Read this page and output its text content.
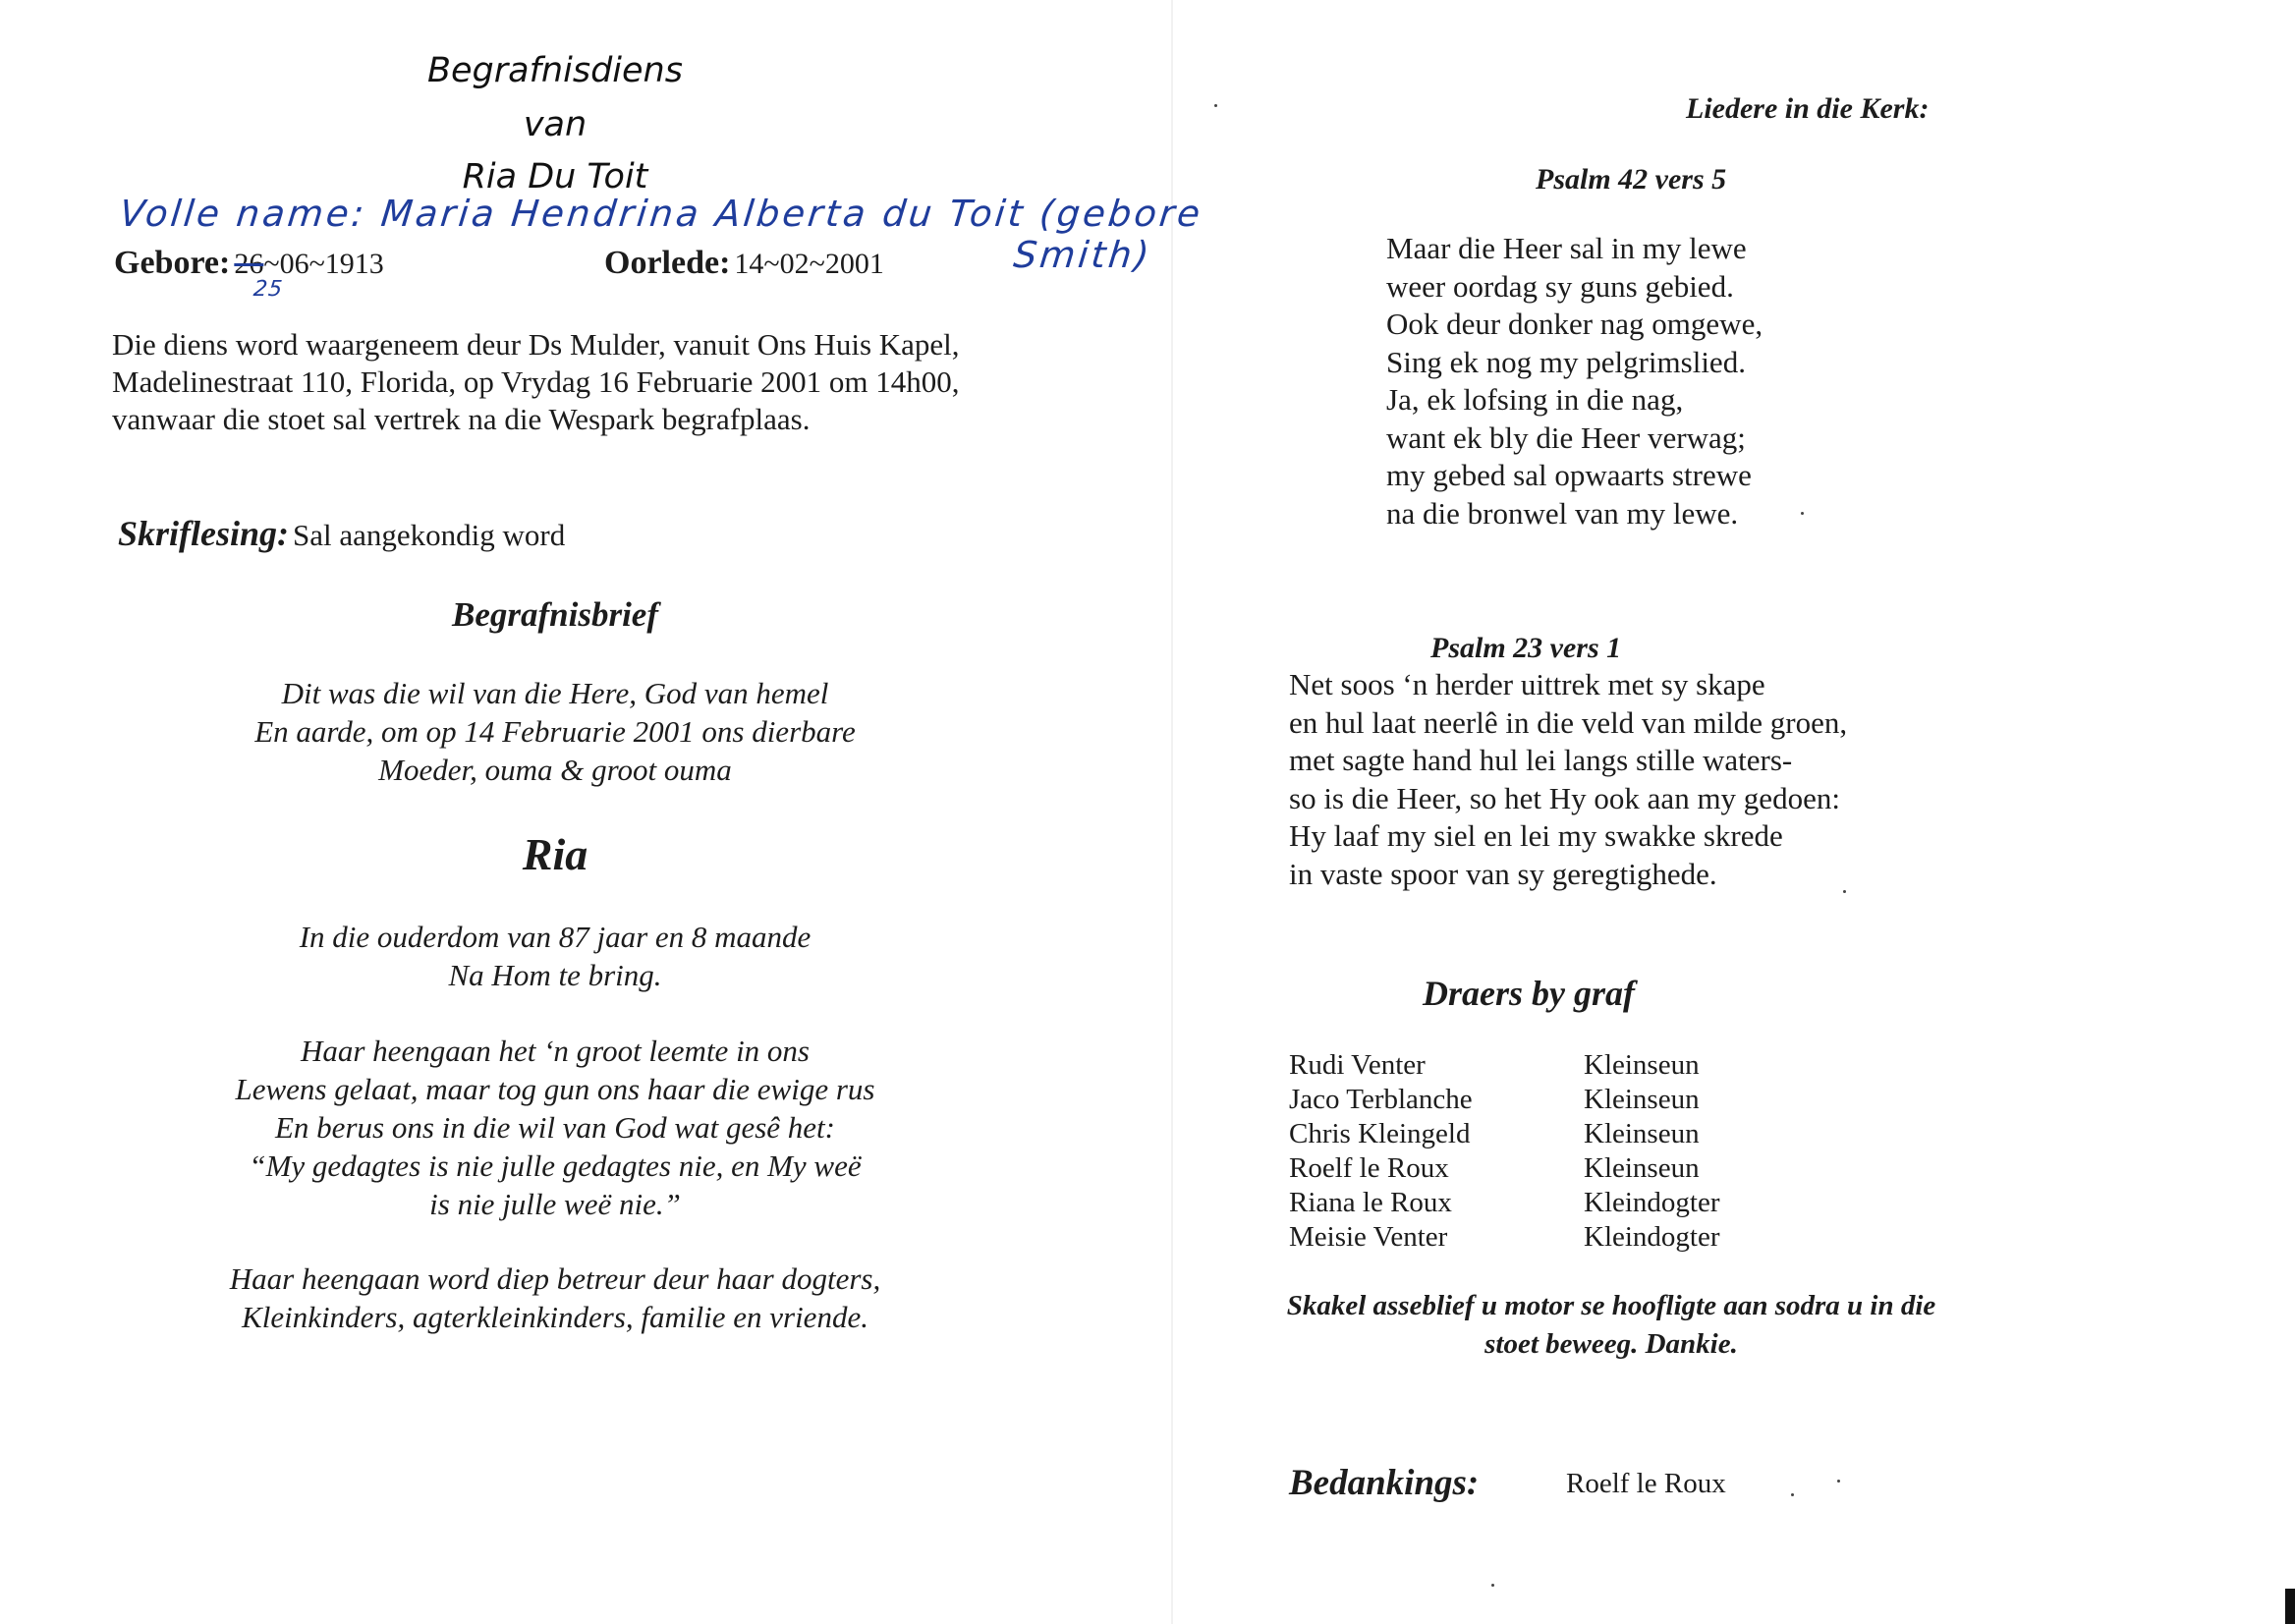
Begrafnisdiens
van
Ria Du Toit
Volle name: Maria Hendrina Alberta du Toit (gebore
Smith)
25
Gebore: 26~06~1913	Oorlede: 14~02~2001
Die diens word waargeneem deur Ds Mulder, vanuit Ons Huis Kapel, Madelinestraat 110, Florida, op Vrydag 16 Februarie 2001 om 14h00, vanwaar die stoet sal vertrek na die Wespark begrafplaas.
Skriflesing: Sal aangekondig word
Begrafnisbrief
Dit was die wil van die Here, God van hemel
En aarde, om op 14 Februarie 2001 ons dierbare
Moeder, ouma & groot ouma
Ria
In die ouderdom van 87 jaar en 8 maande
Na Hom te bring.
Haar heengaan het ‘n groot leemte in ons
Lewens gelaat, maar tog gun ons haar die ewige rus
En berus ons in die wil van God wat gesê het:
“My gedagtes is nie julle gedagtes nie, en My weë
is nie julle weë nie.”
Haar heengaan word diep betreur deur haar dogters,
Kleinkinders, agterkleinkinders, familie en vriende.
Liedere in die Kerk:
Psalm 42 vers 5
Maar die Heer sal in my lewe
weer oordag sy guns gebied.
Ook deur donker nag omgewe,
Sing ek nog my pelgrimslied.
Ja, ek lofsing in die nag,
want ek bly die Heer verwag;
my gebed sal opwaarts strewe
na die bronwel van my lewe.
Psalm 23 vers 1
Net soos ‘n herder uittrek met sy skape
en hul laat neerlê in die veld van milde groen,
met sagte hand hul lei langs stille waters-
so is die Heer, so het Hy ook aan my gedoen:
Hy laaf my siel en lei my swakke skrede
in vaste spoor van sy geregtighede.
Draers by graf
Rudi Venter
Jaco Terblanche
Chris Kleingeld
Roelf le Roux
Riana le Roux
Meisie Venter
Kleinseun
Kleinseun
Kleinseun
Kleinseun
Kleindogter
Kleindogter
Skakel asseblief u motor se hoofligte aan sodra u in die
stoet beweeg. Dankie.
Bedankings:	Roelf le Roux
